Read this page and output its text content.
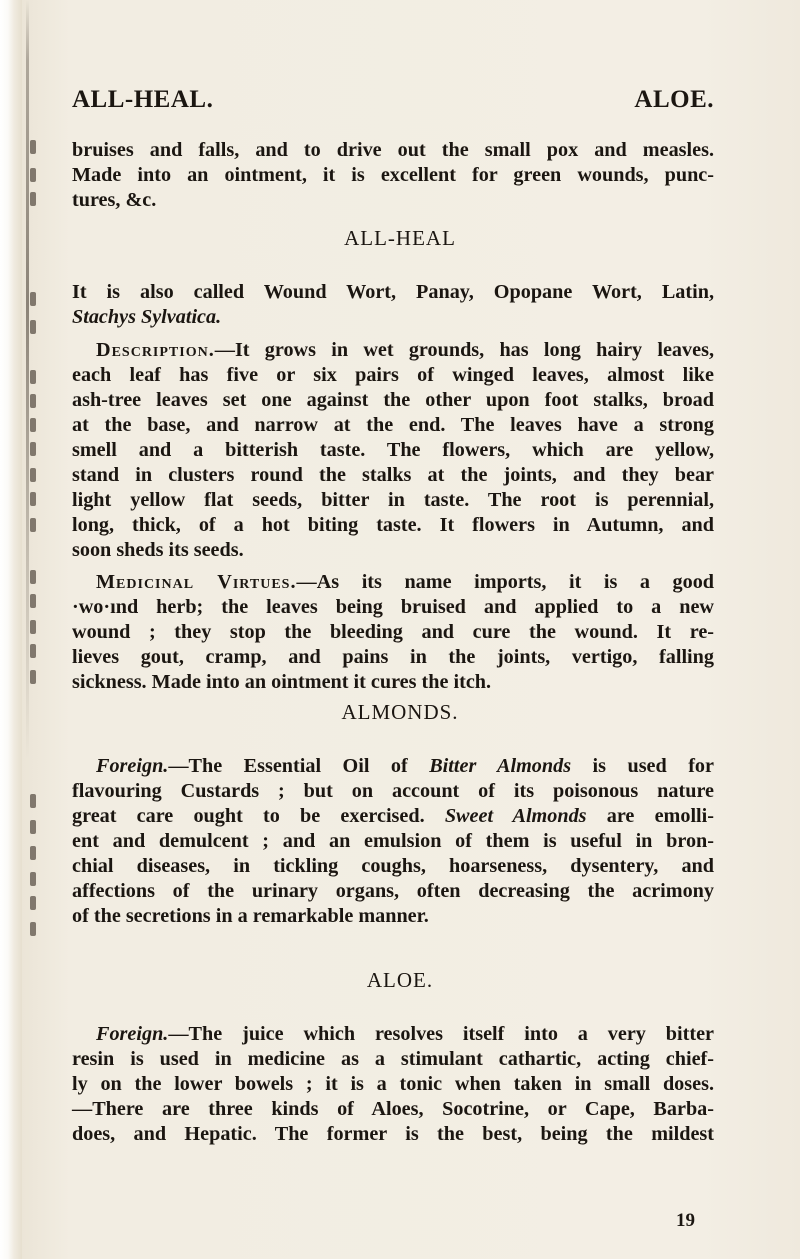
ALL-HEAL.	ALOE.
bruises and falls, and to drive out the small pox and measles.
Made into an ointment, it is excellent for green wounds, punc-
tures, &c.
ALL-HEAL
It is also called Wound Wort, Panay, Opopane Wort, Latin,
Stachys Sylvatica.
Description.—It grows in wet grounds, has long hairy leaves,
each leaf has five or six pairs of winged leaves, almost like
ash-tree leaves set one against the other upon foot stalks, broad
at the base, and narrow at the end. The leaves have a strong
smell and a bitterish taste. The flowers, which are yellow,
stand in clusters round the stalks at the joints, and they bear
light yellow flat seeds, bitter in taste. The root is perennial,
long, thick, of a hot biting taste. It flowers in Autumn, and
soon sheds its seeds.
Medicinal Virtues.—As its name imports, it is a good
·wo·ınd herb; the leaves being bruised and applied to a new
wound ; they stop the bleeding and cure the wound. It re-
lieves gout, cramp, and pains in the joints, vertigo, falling
sickness. Made into an ointment it cures the itch.
ALMONDS.
Foreign.—The Essential Oil of Bitter Almonds is used for
flavouring Custards ; but on account of its poisonous nature
great care ought to be exercised. Sweet Almonds are emolli-
ent and demulcent ; and an emulsion of them is useful in bron-
chial diseases, in tickling coughs, hoarseness, dysentery, and
affections of the urinary organs, often decreasing the acrimony
of the secretions in a remarkable manner.
ALOE.
Foreign.—The juice which resolves itself into a very bitter
resin is used in medicine as a stimulant cathartic, acting chief-
ly on the lower bowels ; it is a tonic when taken in small doses.
—There are three kinds of Aloes, Socotrine, or Cape, Barba-
does, and Hepatic. The former is the best, being the mildest
19
